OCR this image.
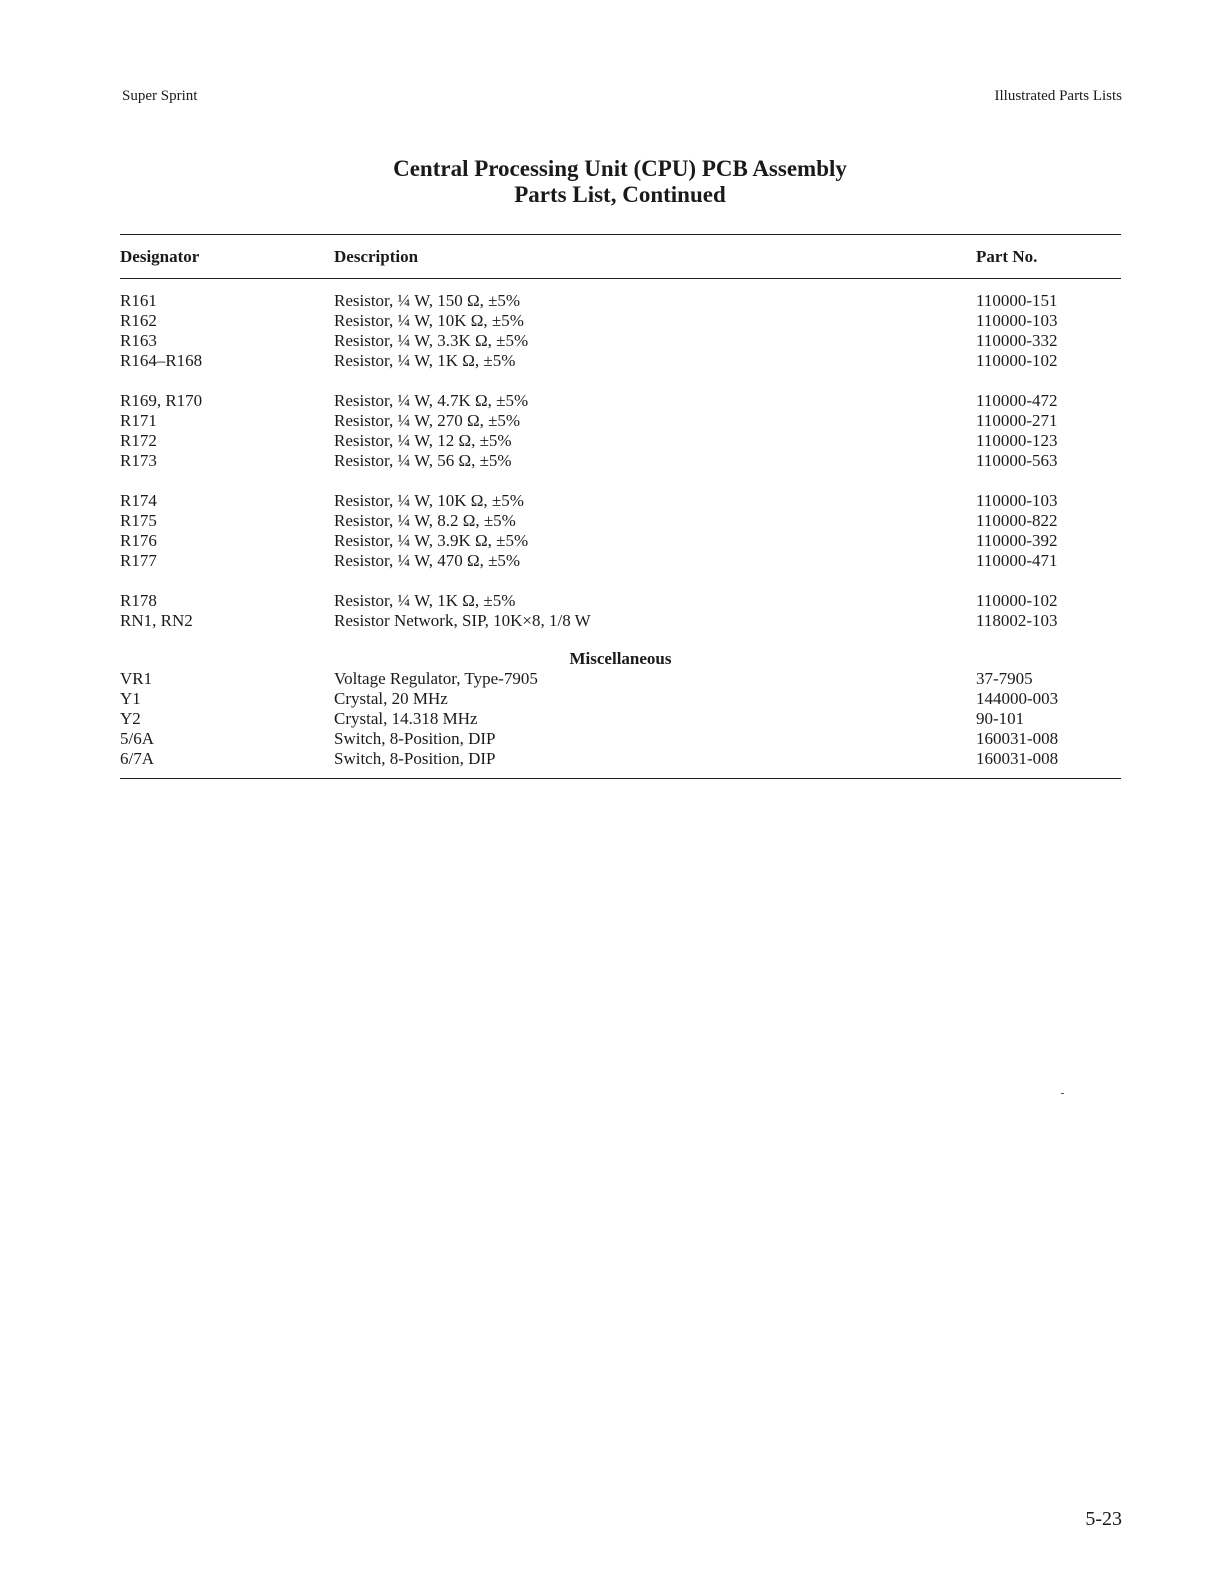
Super Sprint	Illustrated Parts Lists
Central Processing Unit (CPU) PCB Assembly
Parts List, Continued
Designator	Description	Part No.
R161	Resistor, ¼ W, 150 Ω, ±5%	110000-151
R162	Resistor, ¼ W, 10K Ω, ±5%	110000-103
R163	Resistor, ¼ W, 3.3K Ω, ±5%	110000-332
R164–R168	Resistor, ¼ W, 1K Ω, ±5%	110000-102
R169, R170	Resistor, ¼ W, 4.7K Ω, ±5%	110000-472
R171	Resistor, ¼ W, 270 Ω, ±5%	110000-271
R172	Resistor, ¼ W, 12 Ω, ±5%	110000-123
R173	Resistor, ¼ W, 56 Ω, ±5%	110000-563
R174	Resistor, ¼ W, 10K Ω, ±5%	110000-103
R175	Resistor, ¼ W, 8.2 Ω, ±5%	110000-822
R176	Resistor, ¼ W, 3.9K Ω, ±5%	110000-392
R177	Resistor, ¼ W, 470 Ω, ±5%	110000-471
R178	Resistor, ¼ W, 1K Ω, ±5%	110000-102
RN1, RN2	Resistor Network, SIP, 10K×8, 1/8 W	118002-103
Miscellaneous
VR1	Voltage Regulator, Type-7905	37-7905
Y1	Crystal, 20 MHz	144000-003
Y2	Crystal, 14.318 MHz	90-101
5/6A	Switch, 8-Position, DIP	160031-008
6/7A	Switch, 8-Position, DIP	160031-008
5-23
